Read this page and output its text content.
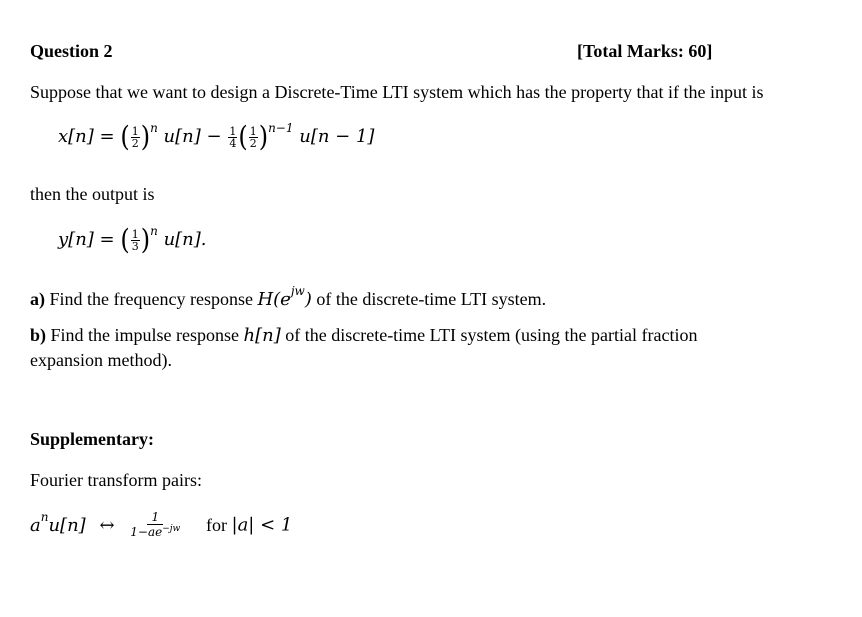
Question 2	[Total Marks: 60]
Suppose that we want to design a Discrete-Time LTI system which has the property that if the input is
x[n] = ( $\frac{1}{2} )^n$ $u[n] - \frac{1}{4}$ ( $\frac{1}{2} )^{n-1}$ u[n − 1]
then the output is
y[n] = ( $\frac{1}{3} )^n$ u[n].
a) Find the frequency response $H(e^{jw})$ of the discrete-time LTI system.
b) Find the impulse response h[n] of the discrete-time LTI system (using the partial fraction
expansion method).
Supplementary:
Fourier transform pairs:
$a^nu[n]$ ↔ $\frac{1}{1-ae^{-jw}}$ for |a| < 1
